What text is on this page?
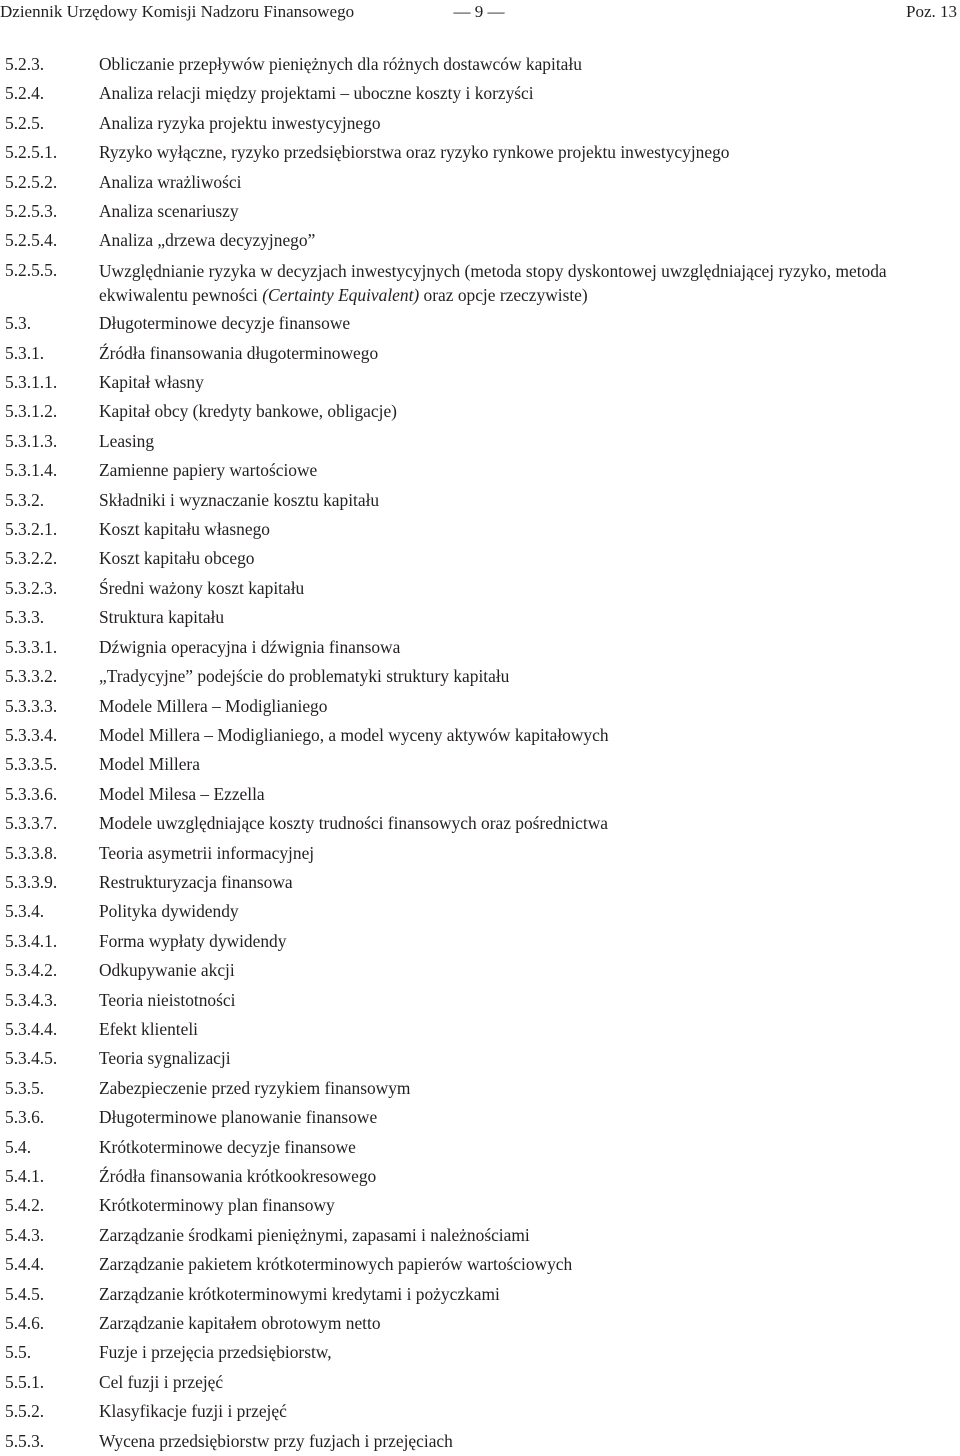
Dziennik Urzędowy Komisji Nadzoru Finansowego	— 9 —	Poz. 13
5.2.3.	Obliczanie przepływów pieniężnych dla różnych dostawców kapitału
5.2.4.	Analiza relacji między projektami – uboczne koszty i korzyści
5.2.5.	Analiza ryzyka projektu inwestycyjnego
5.2.5.1.	Ryzyko wyłączne, ryzyko przedsiębiorstwa oraz ryzyko rynkowe projektu inwestycyjnego
5.2.5.2.	Analiza wrażliwości
5.2.5.3.	Analiza scenariuszy
5.2.5.4.	Analiza „drzewa decyzyjnego”
5.2.5.5.	Uwzględnianie ryzyka w decyzjach inwestycyjnych (metoda stopy dyskontowej uwzględniającej ryzyko, metoda ekwiwalentu pewności (Certainty Equivalent) oraz opcje rzeczywiste)
5.3.	Długoterminowe decyzje finansowe
5.3.1.	Źródła finansowania długoterminowego
5.3.1.1.	Kapitał własny
5.3.1.2.	Kapitał obcy (kredyty bankowe, obligacje)
5.3.1.3.	Leasing
5.3.1.4.	Zamienne papiery wartościowe
5.3.2.	Składniki i wyznaczanie kosztu kapitału
5.3.2.1.	Koszt kapitału własnego
5.3.2.2.	Koszt kapitału obcego
5.3.2.3.	Średni ważony koszt kapitału
5.3.3.	Struktura kapitału
5.3.3.1.	Dźwignia operacyjna i dźwignia finansowa
5.3.3.2.	„Tradycyjne” podejście do problematyki struktury kapitału
5.3.3.3.	Modele Millera – Modiglianiego
5.3.3.4.	Model Millera – Modiglianiego, a model wyceny aktywów kapitałowych
5.3.3.5.	Model Millera
5.3.3.6.	Model Milesa – Ezzella
5.3.3.7.	Modele uwzględniające koszty trudności finansowych oraz pośrednictwa
5.3.3.8.	Teoria asymetrii informacyjnej
5.3.3.9.	Restrukturyzacja finansowa
5.3.4.	Polityka dywidendy
5.3.4.1.	Forma wypłaty dywidendy
5.3.4.2.	Odkupywanie akcji
5.3.4.3.	Teoria nieistotności
5.3.4.4.	Efekt klienteli
5.3.4.5.	Teoria sygnalizacji
5.3.5.	Zabezpieczenie przed ryzykiem finansowym
5.3.6.	Długoterminowe planowanie finansowe
5.4.	Krótkoterminowe decyzje finansowe
5.4.1.	Źródła finansowania krótkookresowego
5.4.2.	Krótkoterminowy plan finansowy
5.4.3.	Zarządzanie środkami pieniężnymi, zapasami i należnościami
5.4.4.	Zarządzanie pakietem krótkoterminowych papierów wartościowych
5.4.5.	Zarządzanie krótkoterminowymi kredytami i pożyczkami
5.4.6.	Zarządzanie kapitałem obrotowym netto
5.5.	Fuzje i przejęcia przedsiębiorstw,
5.5.1.	Cel fuzji i przejęć
5.5.2.	Klasyfikacje fuzji i przejęć
5.5.3.	Wycena przedsiębiorstw przy fuzjach i przejęciach
